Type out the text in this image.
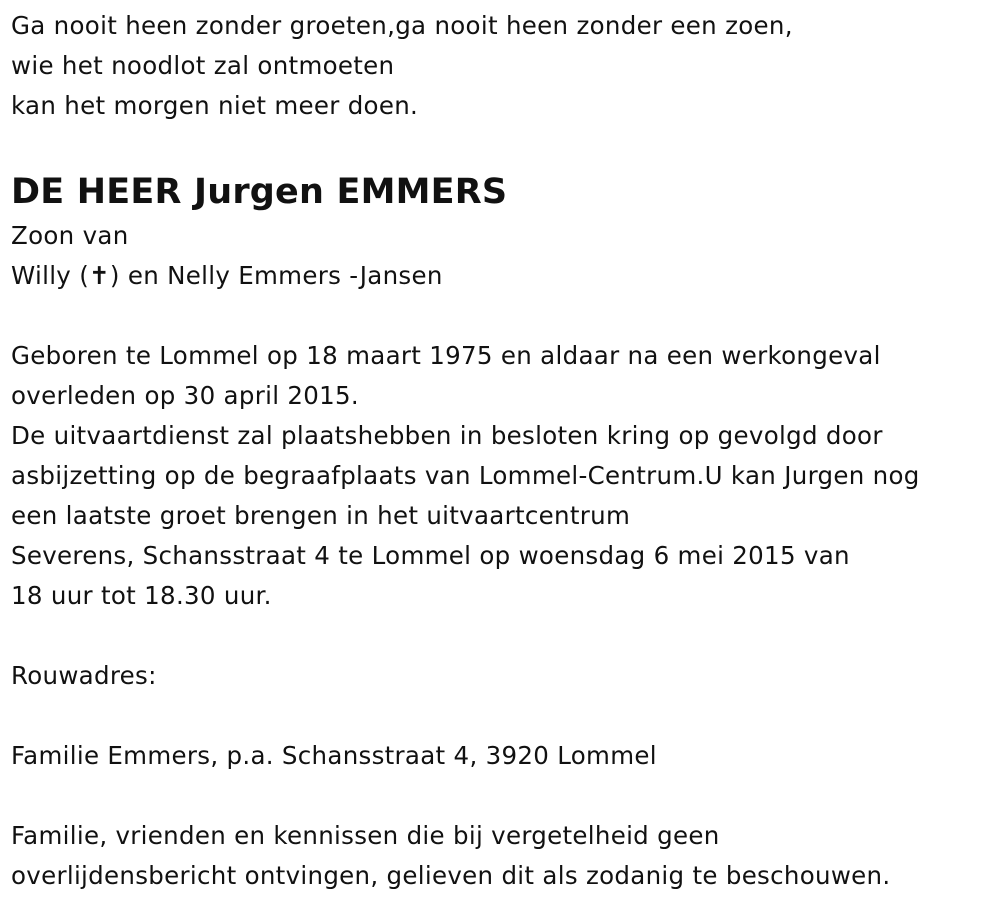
Ga nooit heen zonder groeten,ga nooit heen zonder een zoen,
wie het noodlot zal ontmoeten
kan het morgen niet meer doen.
DE HEER Jurgen EMMERS
Zoon van
Willy (✝) en Nelly Emmers -Jansen
Geboren te Lommel op 18 maart 1975 en aldaar na een werkongeval
overleden op 30 april 2015.
De uitvaartdienst zal plaatshebben in besloten kring op gevolgd door
asbijzetting op de begraafplaats van Lommel-Centrum.U kan Jurgen nog
een laatste groet brengen in het uitvaartcentrum
Severens, Schansstraat 4 te Lommel op woensdag 6 mei 2015 van
18 uur tot 18.30 uur.
Rouwadres:
Familie Emmers, p.a. Schansstraat 4, 3920 Lommel
Familie, vrienden en kennissen die bij vergetelheid geen
overlijdensbericht ontvingen, gelieven dit als zodanig te beschouwen.
